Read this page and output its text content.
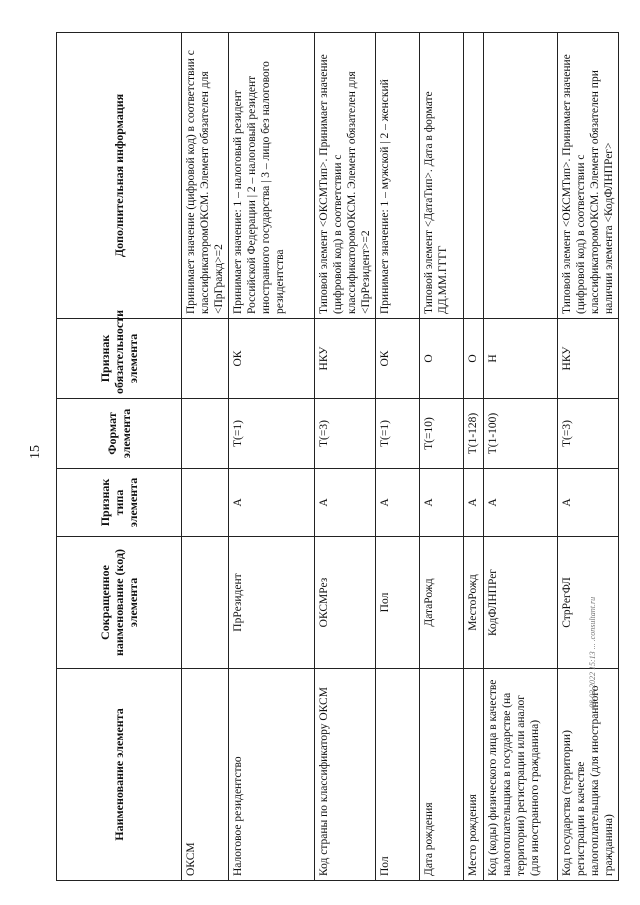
15
Наименование элемента	Сокращенное наименование (код) элемента	Признак типа элемента	Формат элемента	Признак обязательности элемента	Дополнительная информация
ОКСМ					Принимает значение (цифровой код) в соответствии с классификаторомОКСМ. Элемент обязателен для <ПрГражд>=2
Налоговое резидентство	ПрРезидент	А	Т(=1)	ОК	Принимает значение: 1 – налоговый резидент Российской Федерации | 2 – налоговый резидент иностранного государства | 3 – лицо без налогового резидентства
Код страны по классификатору ОКСМ	ОКСМРез	А	Т(=3)	НКУ	Типовой элемент <ОКСМТип>. Принимает значение (цифровой код) в соответствии с классификаторомОКСМ. Элемент обязателен для <ПрРезидент>=2
Пол	Пол	А	Т(=1)	ОК	Принимает значение: 1 – мужской | 2 – женский
Дата рождения	ДатаРожд	А	Т(=10)	О	Типовой элемент <ДатаТип>. Дата в формате ДД.ММ.ГГГГ
Место рождения	МестоРожд	А	Т(1-128)	О	
Код (коды) физического лица в качестве налогоплательщика в государстве (на территории) регистрации или аналог (для иностранного гражданина)	КодФЛНПРег	А	Т(1-100)	Н	
Код государства (территории) регистрации в качестве налогоплательщика (для иностранного гражданина)	СтрРегФЛ	А	Т(=3)	НКУ	Типовой элемент <ОКСМТип>. Принимает значение (цифровой код) в соответствии с классификаторомОКСМ. Элемент обязателен при наличии элемента <КодФЛНПРег>
08.02.2022 15:13 ... .consultant.ru
